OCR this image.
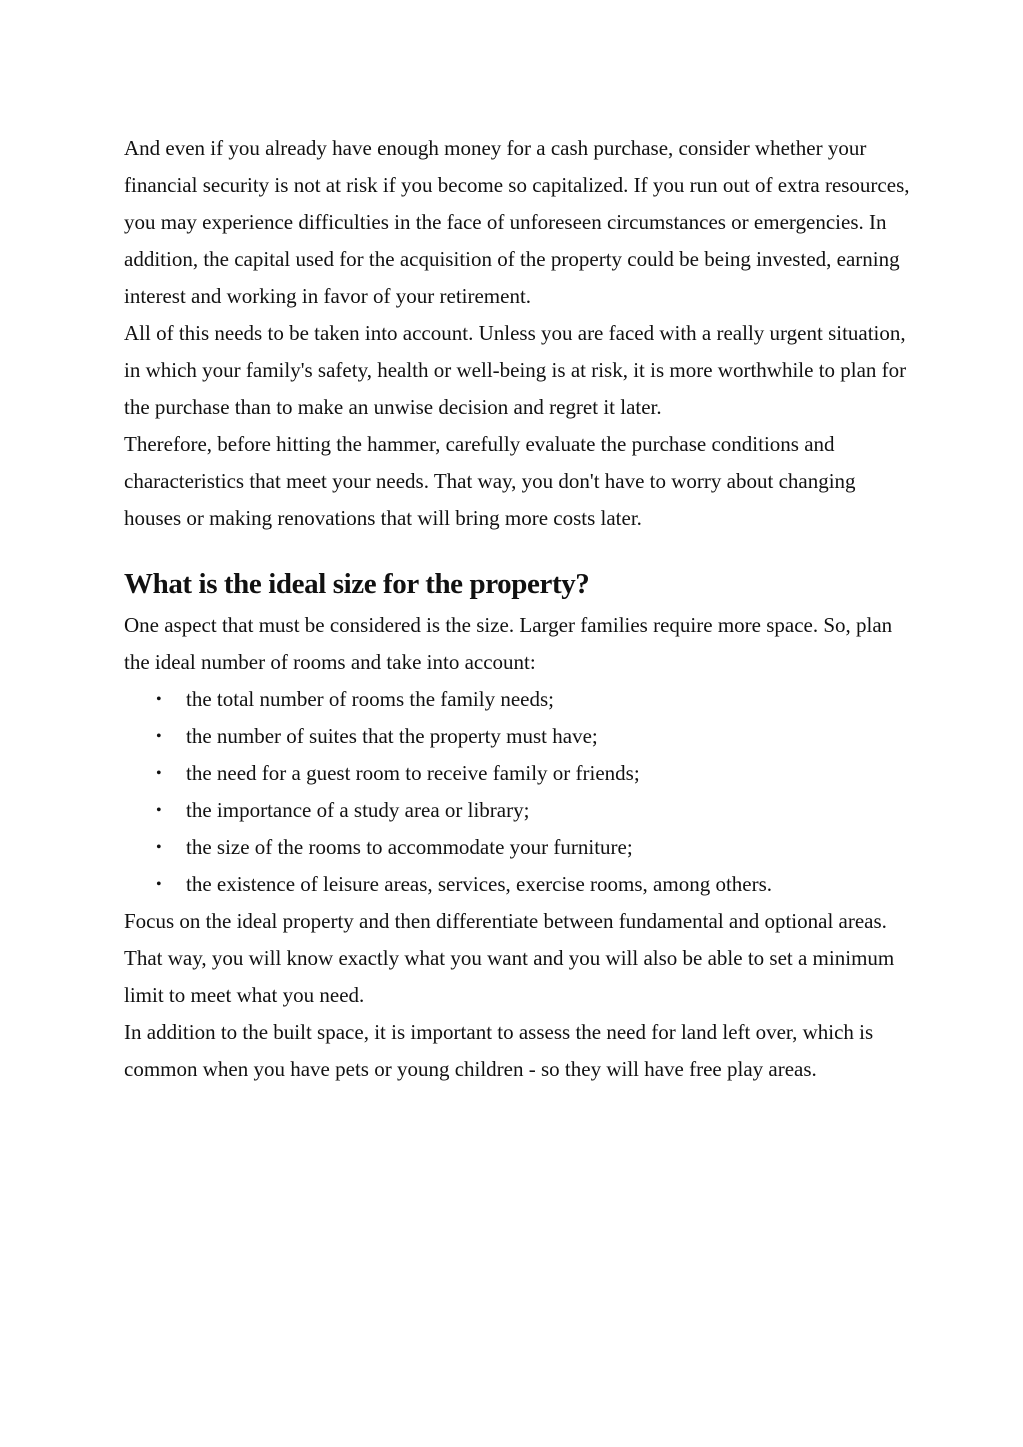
And even if you already have enough money for a cash purchase, consider whether your financial security is not at risk if you become so capitalized. If you run out of extra resources, you may experience difficulties in the face of unforeseen circumstances or emergencies. In addition, the capital used for the acquisition of the property could be being invested, earning interest and working in favor of your retirement.

All of this needs to be taken into account. Unless you are faced with a really urgent situation, in which your family's safety, health or well-being is at risk, it is more worthwhile to plan for the purchase than to make an unwise decision and regret it later.

Therefore, before hitting the hammer, carefully evaluate the purchase conditions and characteristics that meet your needs. That way, you don't have to worry about changing houses or making renovations that will bring more costs later.

What is the ideal size for the property?

One aspect that must be considered is the size. Larger families require more space. So, plan the ideal number of rooms and take into account:

• the total number of rooms the family needs;
• the number of suites that the property must have;
• the need for a guest room to receive family or friends;
• the importance of a study area or library;
• the size of the rooms to accommodate your furniture;
• the existence of leisure areas, services, exercise rooms, among others.

Focus on the ideal property and then differentiate between fundamental and optional areas. That way, you will know exactly what you want and you will also be able to set a minimum limit to meet what you need.

In addition to the built space, it is important to assess the need for land left over, which is common when you have pets or young children - so they will have free play areas.
